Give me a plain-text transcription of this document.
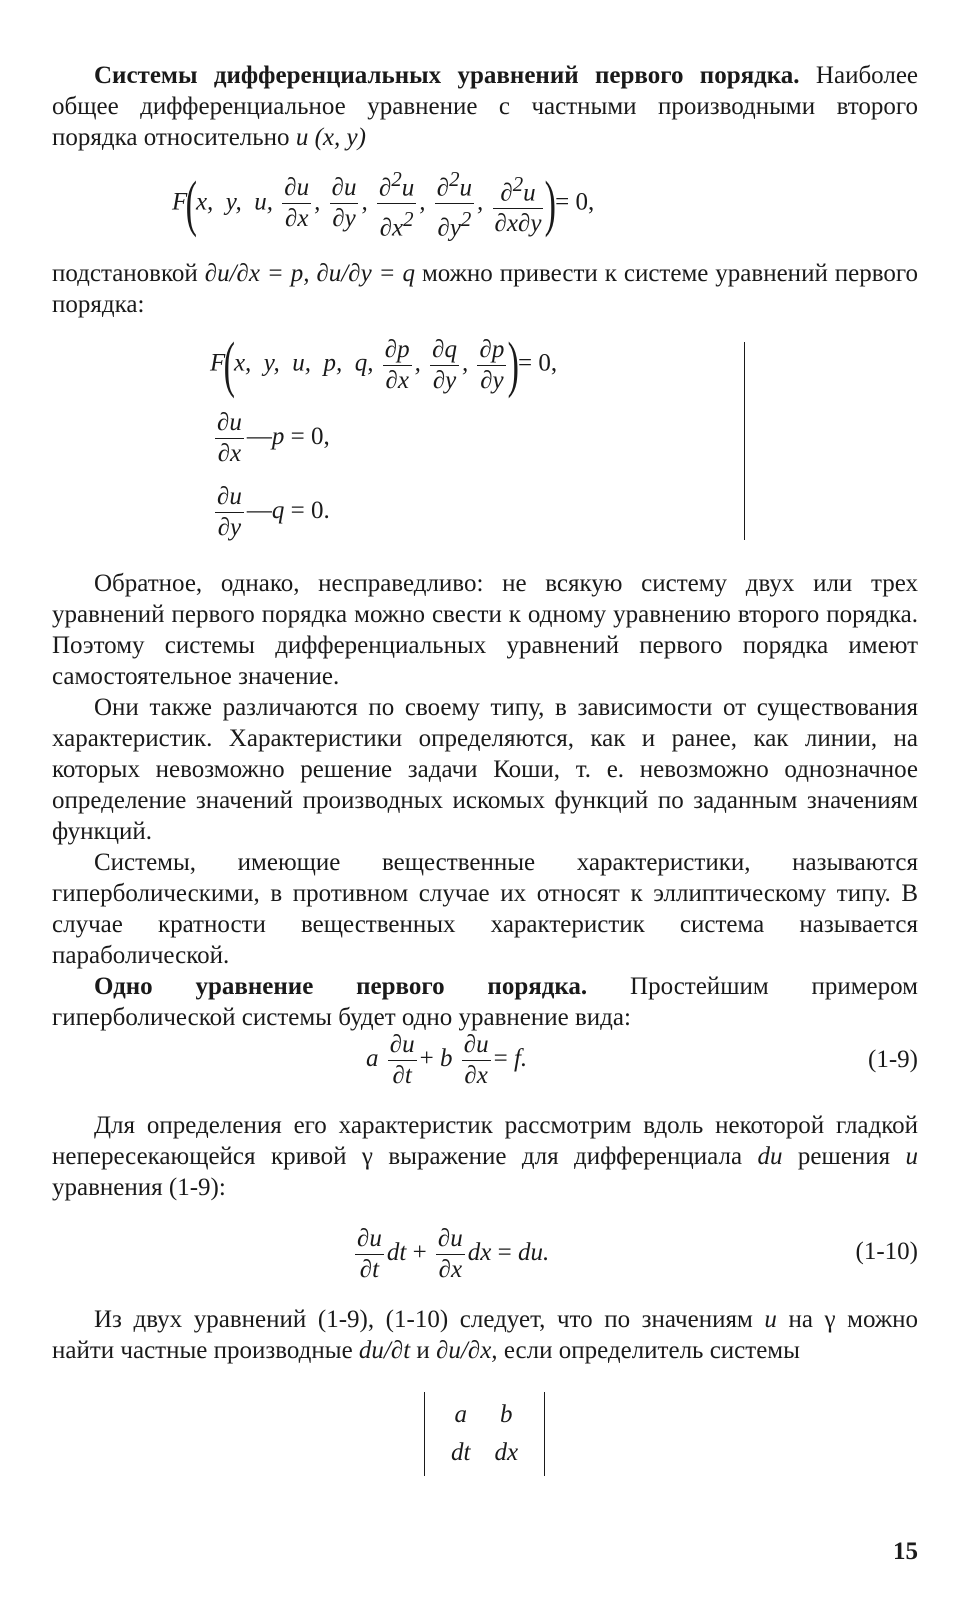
Системы дифференциальных уравнений первого порядка. Наиболее общее дифференциальное уравнение с частными производными второго порядка относительно u (x, y)
F(x,  y,  u, $\frac{\partial u}{\partial x}$ , $\frac{\partial u}{\partial y}$ , $\frac{\partial^2u}{\partial x^2}$ , $\frac{\partial^2u}{\partial y^2}$ , $\frac{\partial^2u}{\partial x\partial y}$ )= 0,
подстановкой ∂u/∂x = p, ∂u/∂y = q можно привести к системе уравнений первого порядка:
F(x,  y,  u,  p,  q, $\frac{\partial p}{\partial x}$ , $\frac{\partial q}{\partial y}$ , $\frac{\partial p}{\partial y}$ )= 0,
$\frac{\partial u}{\partial x}$ —p = 0,
$\frac{\partial u}{\partial y}$ —q = 0.
Обратное, однако, несправедливо: не всякую систему двух или трех уравнений первого порядка можно свести к одному уравнению второго порядка. Поэтому системы дифференциальных уравнений первого порядка имеют самостоятельное значение.
Они также различаются по своему типу, в зависимости от существования характеристик. Характеристики определяются, как и ранее, как линии, на которых невозможно решение задачи Коши, т. е. невозможно однозначное определение значений производных искомых функций по заданным значениям функций.
Системы, имеющие вещественные характеристики, называются гиперболическими, в противном случае их относят к эллиптическому типу. В случае кратности вещественных характеристик система называется параболической.
Одно уравнение первого порядка. Простейшим примером гиперболической системы будет одно уравнение вида:
a $\frac{\partial u}{\partial t} + b \frac{\partial u}{\partial x} = f$.	(1-9)
Для определения его характеристик рассмотрим вдоль некоторой гладкой непересекающейся кривой γ выражение для дифференциала du решения u уравнения (1-9):
$\frac{\partial u}{\partial t}$ dt + $\frac{\partial u}{\partial x}$ dx = du.	(1-10)
Из двух уравнений (1-9), (1-10) следует, что по значениям u на γ можно найти частные производные du/∂t и ∂u/∂x, если определитель системы
a	b
dt	dx
15
